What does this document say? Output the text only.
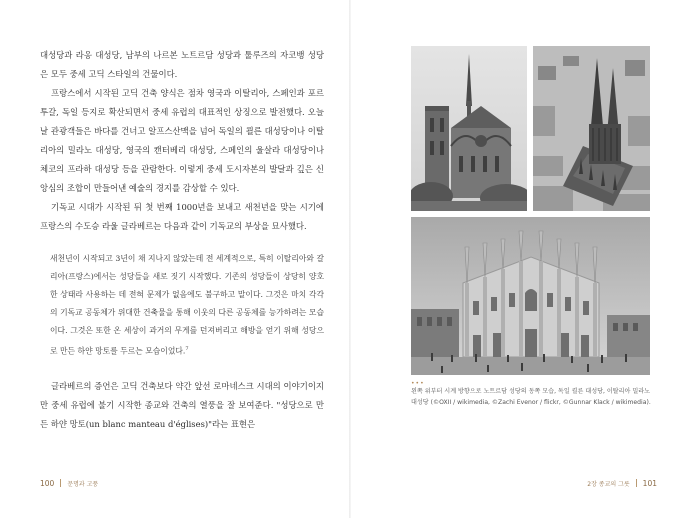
대성당과 라옹 대성당, 남부의 나르본 노트르담 성당과 툴루즈의 자코뱅 성당은 모두 중세 고딕 스타일의 건물이다.

프랑스에서 시작된 고딕 건축 양식은 점차 영국과 이탈리아, 스페인과 포르투갈, 독일 등지로 확산되면서 중세 유럽의 대표적인 상징으로 발전했다. 오늘날 관광객들은 바다를 건너고 알프스산맥을 넘어 독일의 쾰른 대성당이나 이탈리아의 밀라노 대성당, 영국의 캔터베리 대성당, 스페인의 울살라 대성당이나 체코의 프라하 대성당 등을 관람한다. 이렇게 중세 도시자본의 발달과 깊은 신앙심의 조합이 만들어낸 예술의 경지를 감상할 수 있다.

기독교 시대가 시작된 뒤 첫 번째 1000년을 보내고 새천년을 맞는 시기에 프랑스의 수도승 라울 글라베르는 다음과 같이 기독교의 부상을 묘사했다.

새천년이 시작되고 3년이 채 지나지 않았는데 전 세계적으로, 특히 이탈리아와 갈리아(프랑스)에서는 성당들을 새로 짓기 시작했다. 기존의 성당들이 상당히 양호한 상태라 사용하는 데 전혀 문제가 없음에도 불구하고 말이다. 그것은 마치 각각의 기독교 공동체가 위대한 건축물을 통해 이웃의 다른 공동체를 능가하려는 모습이다. 그것은 또한 온 세상이 과거의 무게를 던져버리고 해방을 얻기 위해 성당으로 만든 하얀 망토를 두르는 모습이었다.$^7$

글라베르의 증언은 고딕 건축보다 약간 앞선 로마네스크 시대의 이야기이지만 중세 유럽에 불기 시작한 종교와 건축의 열풍을 잘 보여준다. "성당으로 만든 하얀 망토(un blanc manteau d'églises)"라는 표현은

100 문명과 고풍
•••

왼쪽 위부터 시계 방향으로 노트르담 성당의 동쪽 모습, 독일 쾰른 대성당, 이탈리아 밀라노 대성당 (©OXII / wikimedia, ©Zachi Evenor / flickr, ©Gunnar Klack / wikimedia).

2장 종교의 그릇 101
